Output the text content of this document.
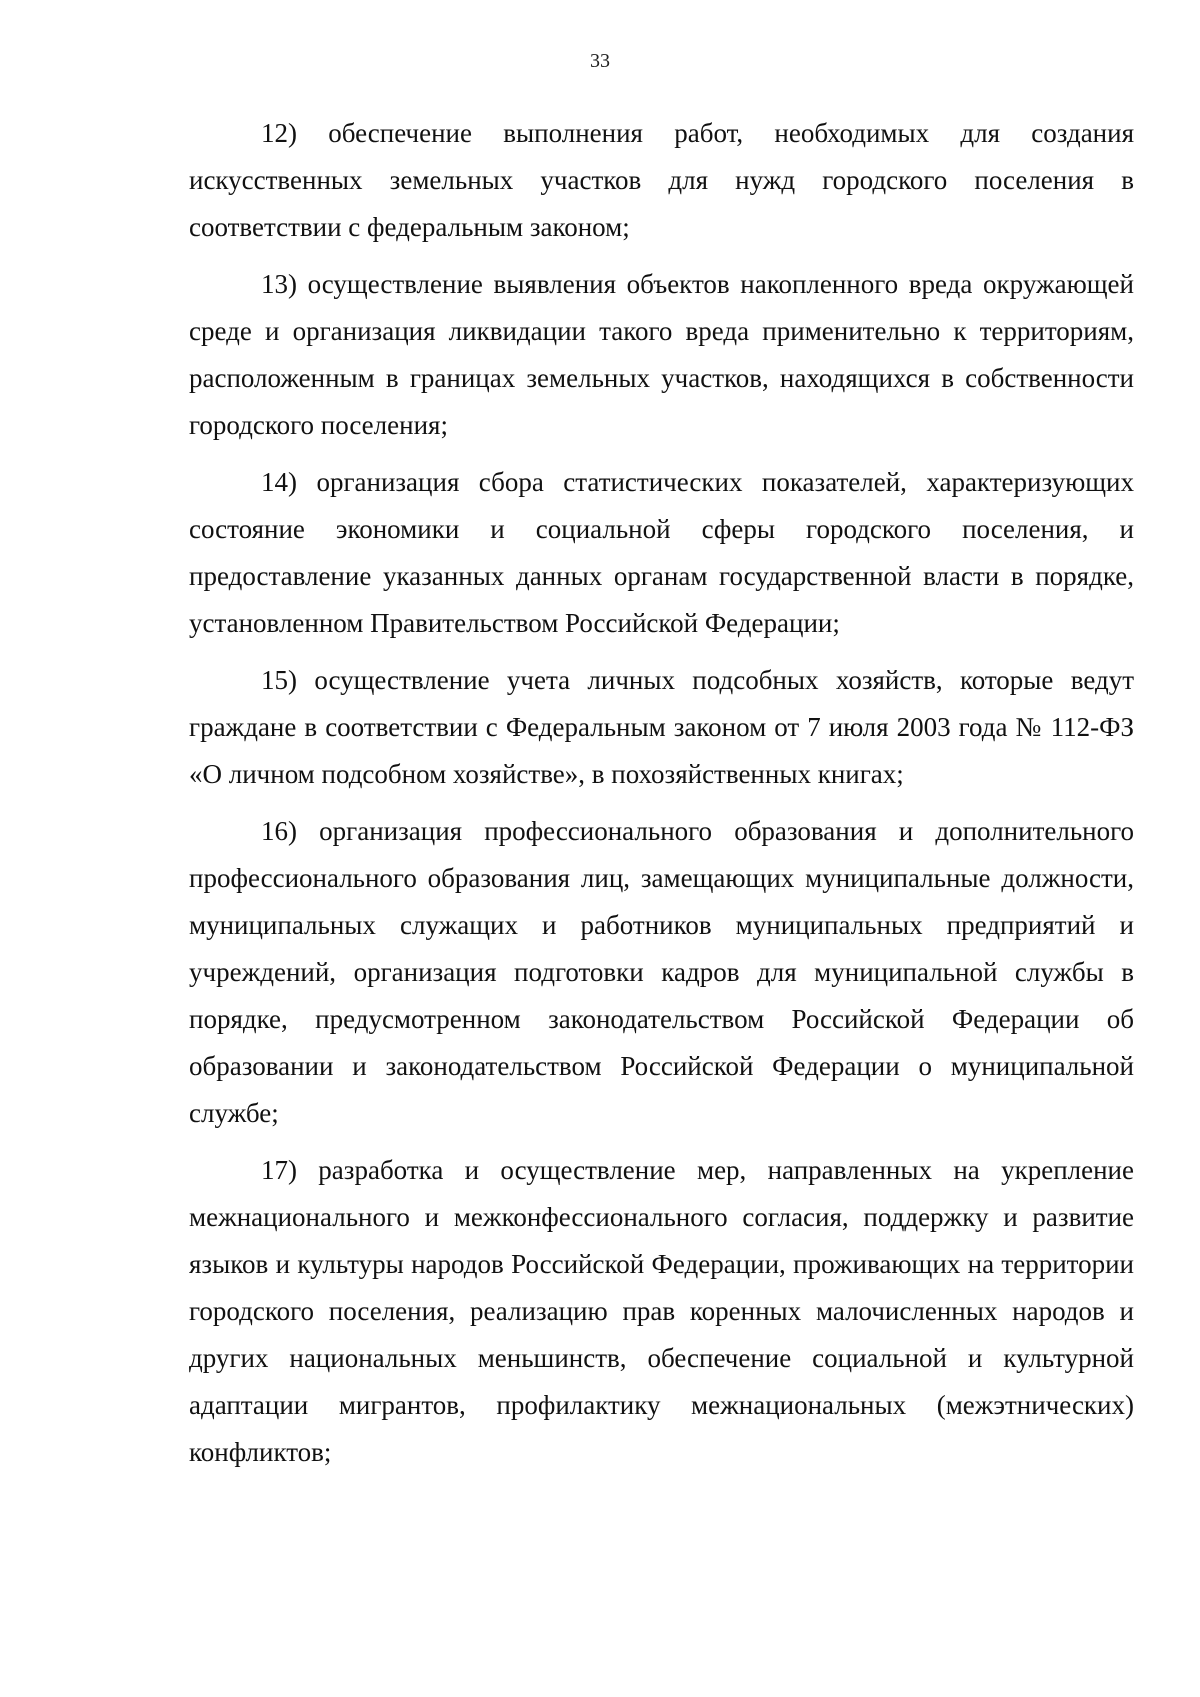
33

12) обеспечение выполнения работ, необходимых для создания искусственных земельных участков для нужд городского поселения в соответствии с федеральным законом;

13) осуществление выявления объектов накопленного вреда окружающей среде и организация ликвидации такого вреда применительно к территориям, расположенным в границах земельных участков, находящихся в собственности городского поселения;

14) организация сбора статистических показателей, характеризующих состояние экономики и социальной сферы городского поселения, и предоставление указанных данных органам государственной власти в порядке, установленном Правительством Российской Федерации;

15) осуществление учета личных подсобных хозяйств, которые ведут граждане в соответствии с Федеральным законом от 7 июля 2003 года № 112-ФЗ «О личном подсобном хозяйстве», в похозяйственных книгах;

16) организация профессионального образования и дополнительного профессионального образования лиц, замещающих муниципальные должности, муниципальных служащих и работников муниципальных предприятий и учреждений, организация подготовки кадров для муниципальной службы в порядке, предусмотренном законодательством Российской Федерации об образовании и законодательством Российской Федерации о муниципальной службе;

17) разработка и осуществление мер, направленных на укрепление межнационального и межконфессионального согласия, поддержку и развитие языков и культуры народов Российской Федерации, проживающих на территории городского поселения, реализацию прав коренных малочисленных народов и других национальных меньшинств, обеспечение социальной и культурной адаптации мигрантов, профилактику межнациональных (межэтнических) конфликтов;
